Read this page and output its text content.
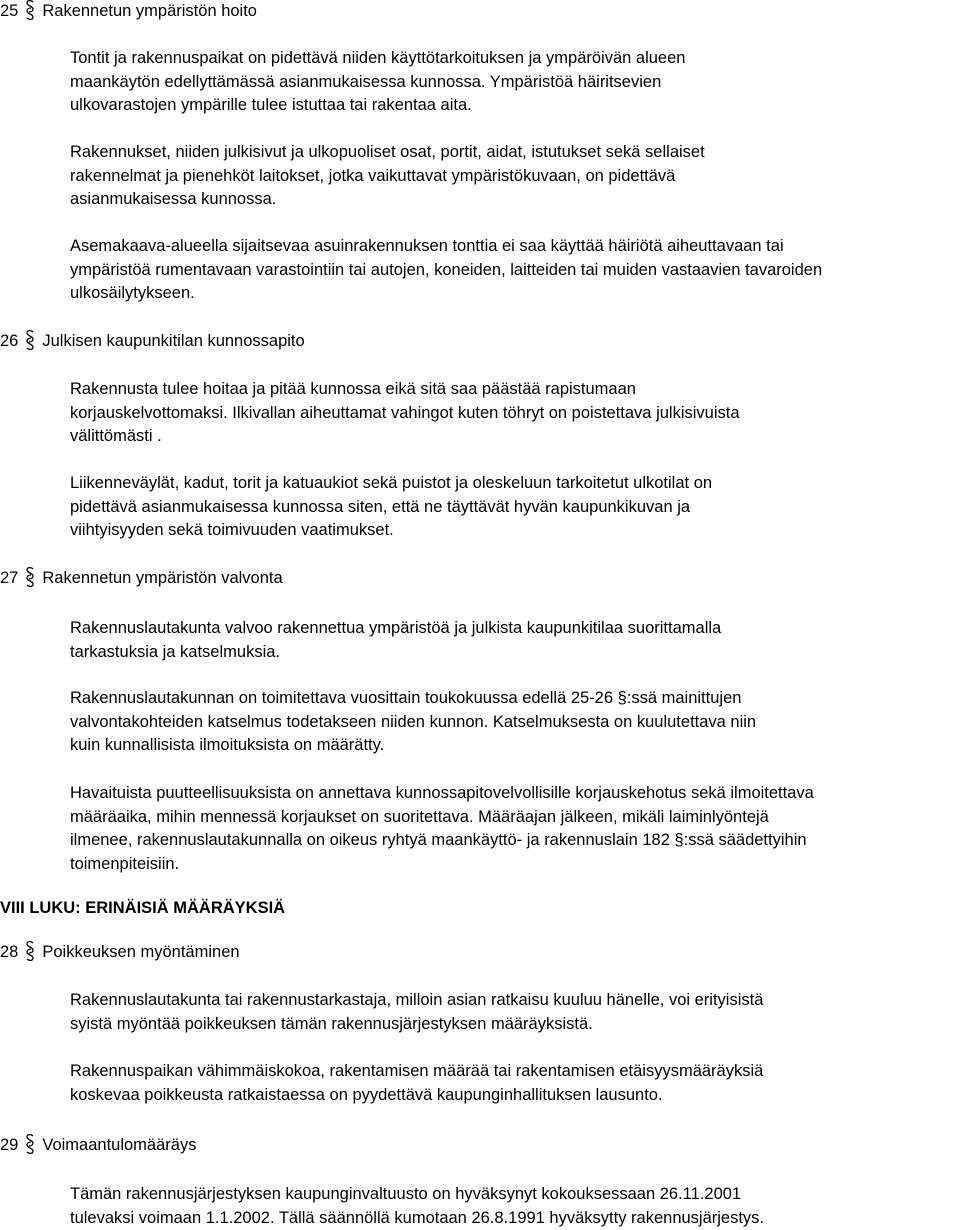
25 Rakennetun ympäristön hoito
Tontit ja rakennuspaikat on pidettävä niiden käyttötarkoituksen ja ympäröivän alueen
maankäytön edellyttämässä asianmukaisessa kunnossa. Ympäristöä häiritsevien
ulkovarastojen ympärille tulee istuttaa tai rakentaa aita.
Rakennukset, niiden julkisivut ja ulkopuoliset osat, portit, aidat, istutukset sekä sellaiset
rakennelmat ja pienehköt laitokset, jotka vaikuttavat ympäristökuvaan, on pidettävä
asianmukaisessa kunnossa.
Asemakaava-alueella sijaitsevaa asuinrakennuksen tonttia ei saa käyttää häiriötä aiheuttavaan tai
ympäristöä rumentavaan varastointiin tai autojen, koneiden, laitteiden tai muiden vastaavien tavaroiden
ulkosäilytykseen.
26 Julkisen kaupunkitilan kunnossapito
Rakennusta tulee hoitaa ja pitää kunnossa eikä sitä saa päästää rapistumaan
korjauskelvottomaksi. Ilkivallan aiheuttamat vahingot kuten töhryt on poistettava julkisivuista
välittömästi .
Liikenneväylät, kadut, torit ja katuaukiot sekä puistot ja oleskeluun tarkoitetut ulkotilat on
pidettävä asianmukaisessa kunnossa siten, että ne täyttävät hyvän kaupunkikuvan ja
viihtyisyyden sekä toimivuuden vaatimukset.
27 Rakennetun ympäristön valvonta
Rakennuslautakunta valvoo rakennettua ympäristöä ja julkista kaupunkitilaa suorittamalla
tarkastuksia ja katselmuksia.
Rakennuslautakunnan on toimitettava vuosittain toukokuussa edellä 25-26 §:ssä mainittujen
valvontakohteiden katselmus todetakseen niiden kunnon. Katselmuksesta on kuulutettava niin
kuin kunnallisista ilmoituksista on määrätty.
Havaituista puutteellisuuksista on annettava kunnossapitovelvollisille korjauskehotus sekä ilmoitettava
määräaika, mihin mennessä korjaukset on suoritettava. Määräajan jälkeen, mikäli laiminlyöntejä
ilmenee, rakennuslautakunnalla on oikeus ryhtyä maankäyttö- ja rakennuslain 182 §:ssä säädettyihin
toimenpiteisiin.
VIII LUKU: ERINÄISIÄ MÄÄRÄYKSIÄ
28 Poikkeuksen myöntäminen
Rakennuslautakunta tai rakennustarkastaja, milloin asian ratkaisu kuuluu hänelle, voi erityisistä
syistä myöntää poikkeuksen tämän rakennusjärjestyksen määräyksistä.
Rakennuspaikan vähimmäiskokoa, rakentamisen määrää tai rakentamisen etäisyysmääräyksiä
koskevaa poikkeusta ratkaistaessa on pyydettävä kaupunginhallituksen lausunto.
29 Voimaantulomääräys
Tämän rakennusjärjestyksen kaupunginvaltuusto on hyväksynyt kokouksessaan 26.11.2001
tulevaksi voimaan 1.1.2002. Tällä säännöllä kumotaan 26.8.1991 hyväksytty rakennusjärjestys.
